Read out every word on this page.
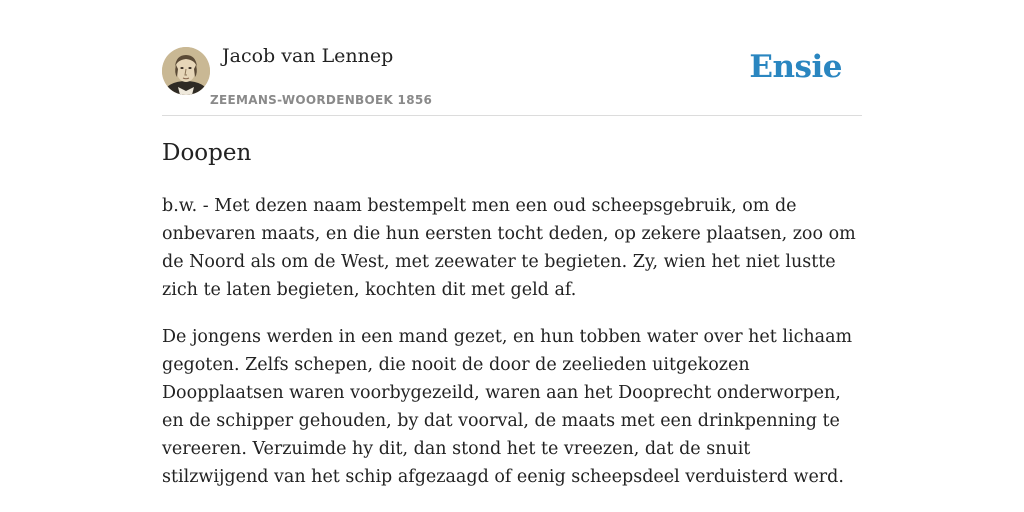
Jacob van Lennep
ZEEMANS-WOORDENBOEK 1856
Ensie
Doopen

b.w. - Met dezen naam bestempelt men een oud scheepsgebruik, om de onbevaren maats, en die hun eersten tocht deden, op zekere plaatsen, zoo om de Noord als om de West, met zeewater te begieten. Zy, wien het niet lustte zich te laten begieten, kochten dit met geld af.

De jongens werden in een mand gezet, en hun tobben water over het lichaam gegoten. Zelfs schepen, die nooit de door de zeelieden uitgekozen Doopplaatsen waren voorbygezeild, waren aan het Dooprecht onderworpen, en de schipper gehouden, by dat voorval, de maats met een drinkpenning te vereeren. Verzuimde hy dit, dan stond het te vreezen, dat de snuit stilzwijgend van het schip afgezaagd of eenig scheepsdeel verduisterd werd.
